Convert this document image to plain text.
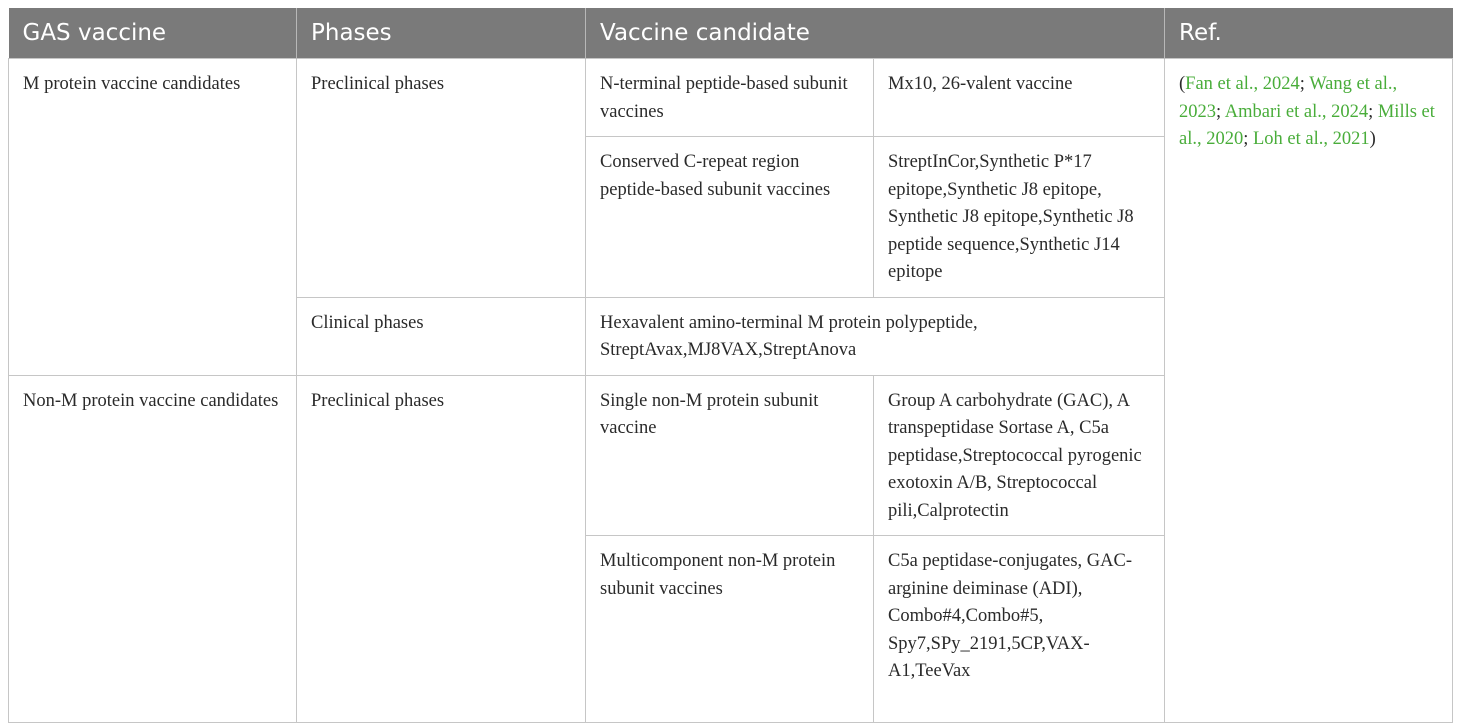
GAS vaccine	Phases	Vaccine candidate		Ref.
M protein vaccine candidates	Preclinical phases	N-terminal peptide-based subunit vaccines	Mx10, 26-valent vaccine	(Fan et al., 2024; Wang et al., 2023; Ambari et al., 2024; Mills et al., 2020; Loh et al., 2021)
		Conserved C-repeat region peptide-based subunit vaccines	StreptInCor,Synthetic P*17 epitope,Synthetic J8 epitope, Synthetic J8 epitope,Synthetic J8 peptide sequence,Synthetic J14 epitope	
	Clinical phases	Hexavalent amino-terminal M protein polypeptide, StreptAvax,MJ8VAX,StreptAnova		
Non-M protein vaccine candidates	Preclinical phases	Single non-M protein subunit vaccine	Group A carbohydrate (GAC), A transpeptidase Sortase A, C5a peptidase,Streptococcal pyrogenic exotoxin A/B, Streptococcal pili,Calprotectin	
		Multicomponent non-M protein subunit vaccines	C5a peptidase-conjugates, GAC-arginine deiminase (ADI), Combo#4,Combo#5, Spy7,SPy_2191,5CP,VAX-A1,TeeVax	
